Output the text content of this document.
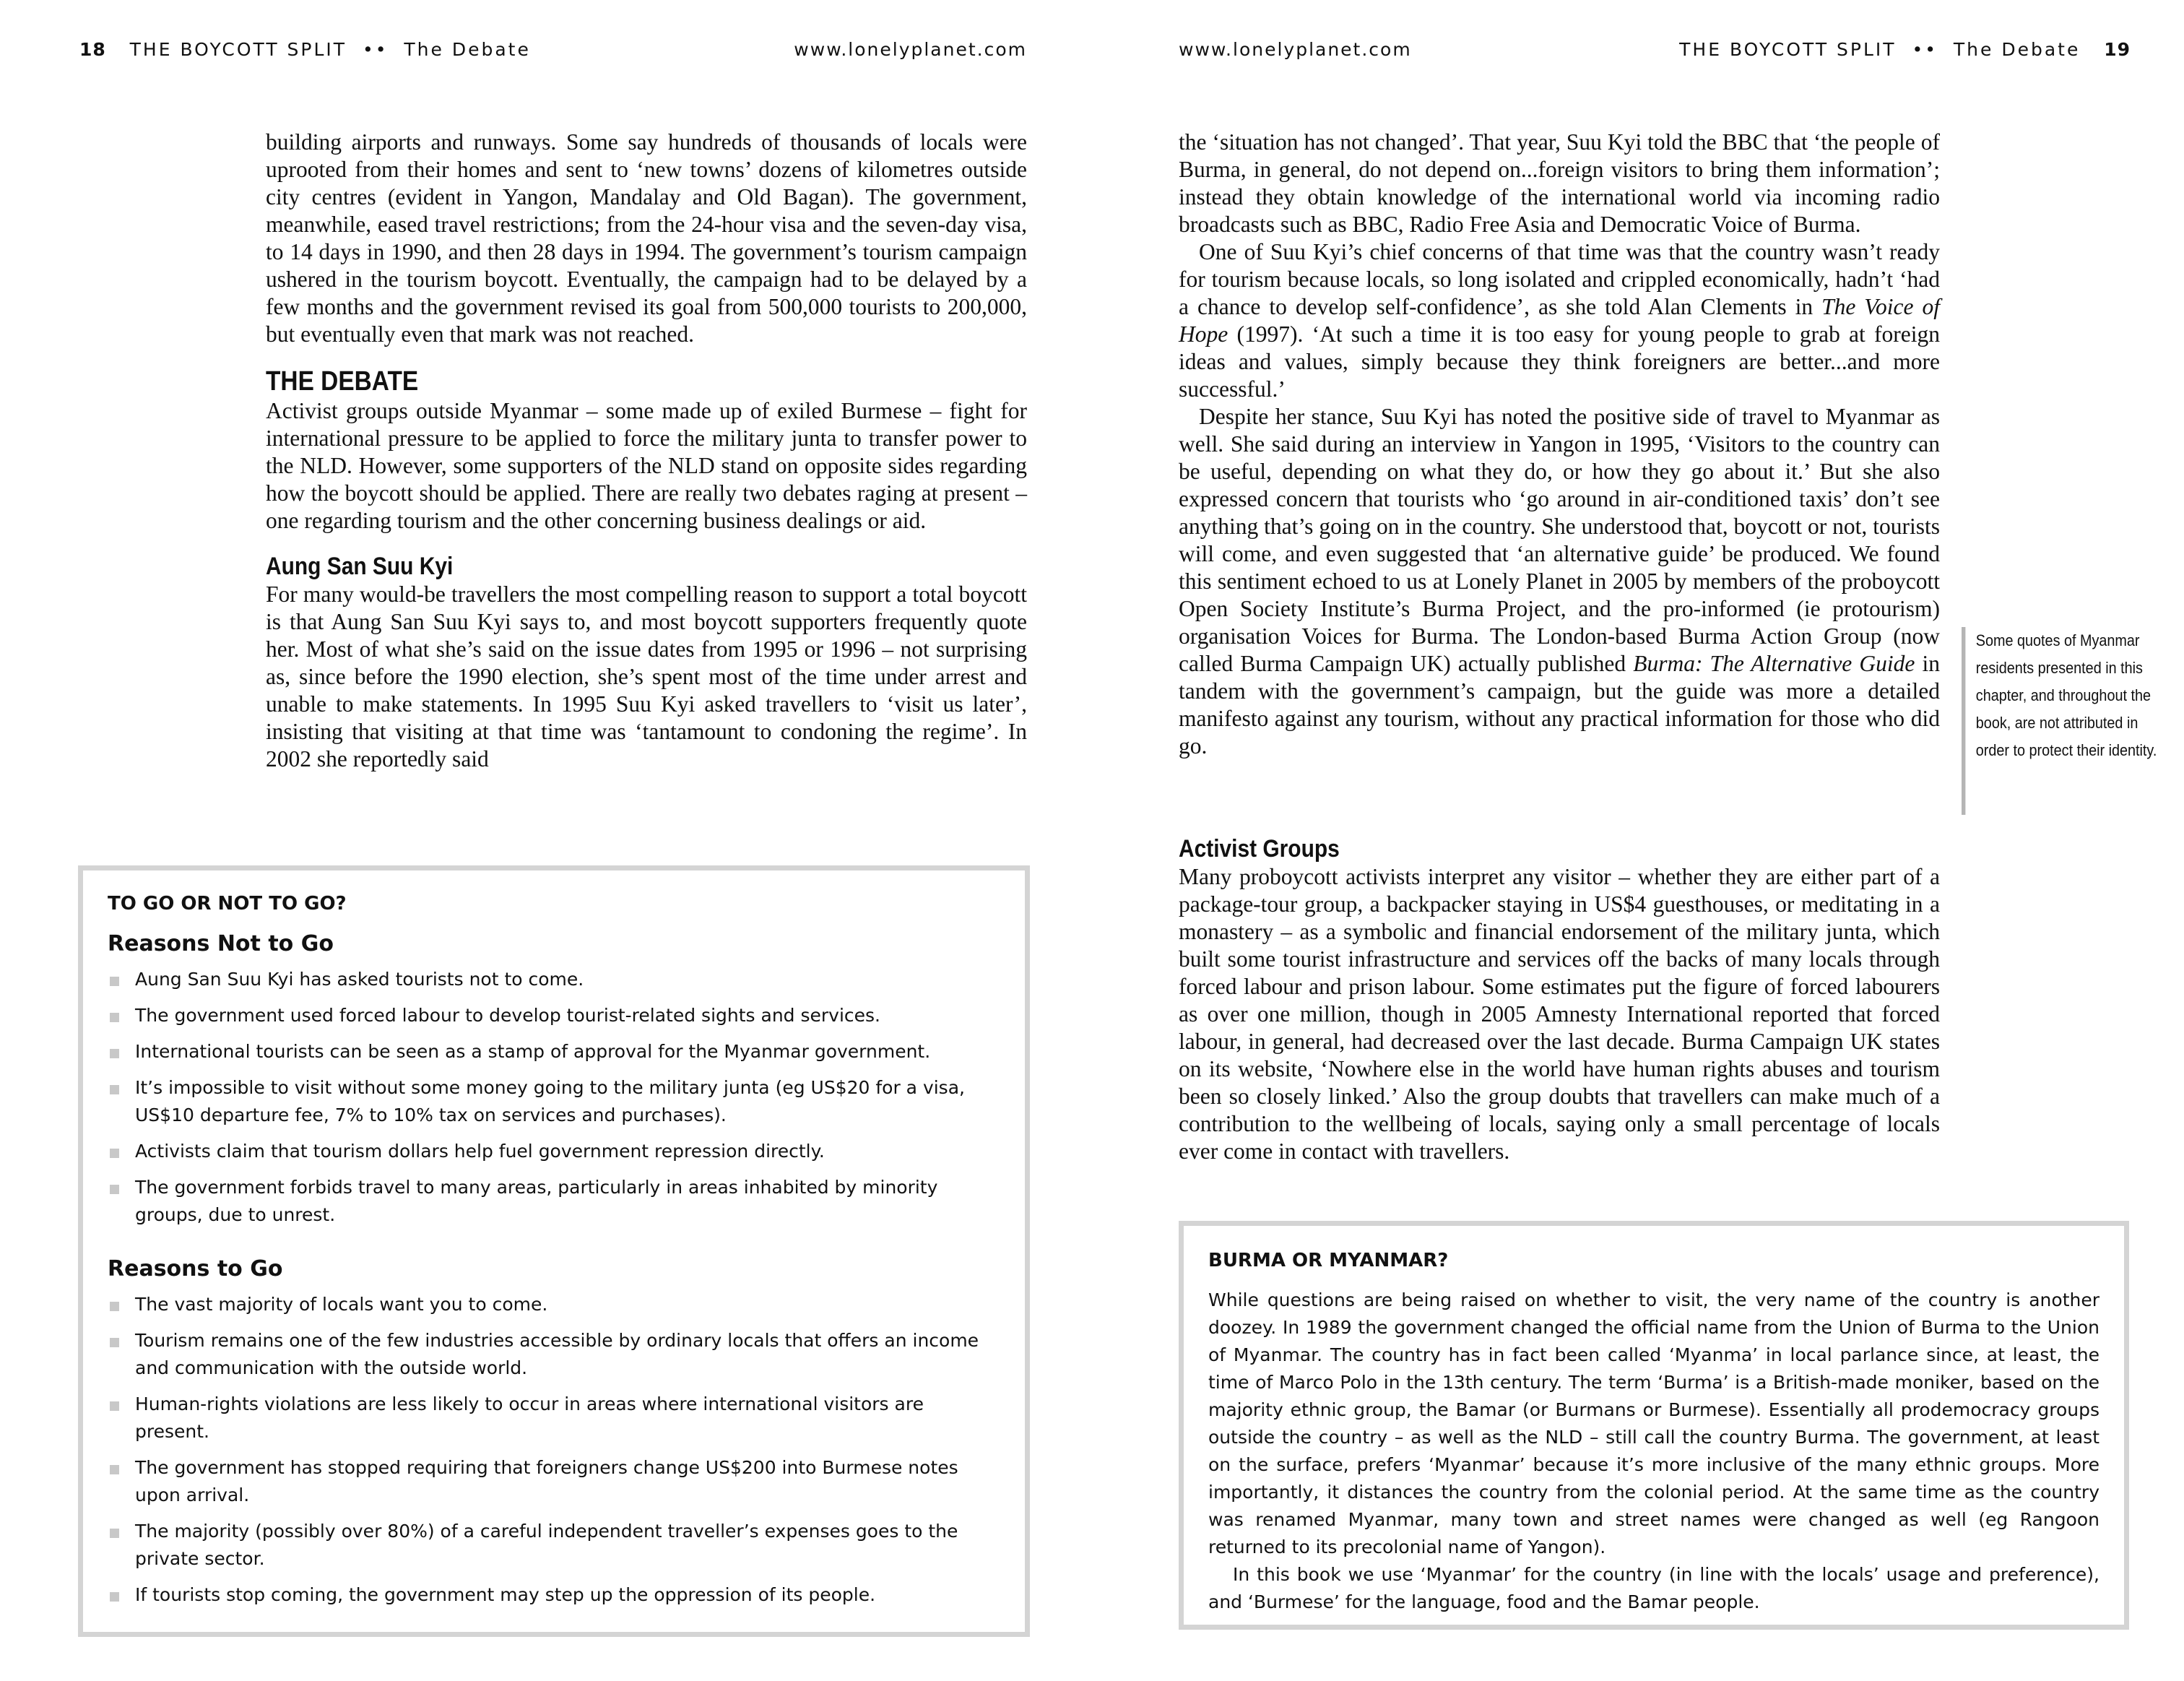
18 THE BOYCOTT SPLIT •• The Debate	www.lonelyplanet.com	www.lonelyplanet.com	THE BOYCOTT SPLIT •• The Debate 19

building airports and runways. Some say hundreds of thousands of locals were uprooted from their homes and sent to ‘new towns’ dozens of kilometres outside city centres (evident in Yangon, Mandalay and Old Bagan). The government, meanwhile, eased travel restrictions; from the 24-hour visa and the seven-day visa, to 14 days in 1990, and then 28 days in 1994. The government’s tourism campaign ushered in the tourism boycott. Eventually, the campaign had to be delayed by a few months and the government revised its goal from 500,000 tourists to 200,000, but eventually even that mark was not reached.

THE DEBATE

Activist groups outside Myanmar – some made up of exiled Burmese – fight for international pressure to be applied to force the military junta to transfer power to the NLD. However, some supporters of the NLD stand on opposite sides regarding how the boycott should be applied. There are really two debates raging at present – one regarding tourism and the other concerning business dealings or aid.

Aung San Suu Kyi

For many would-be travellers the most compelling reason to support a total boycott is that Aung San Suu Kyi says to, and most boycott supporters frequently quote her. Most of what she’s said on the issue dates from 1995 or 1996 – not surprising as, since before the 1990 election, she’s spent most of the time under arrest and unable to make statements. In 1995 Suu Kyi asked travellers to ‘visit us later’, insisting that visiting at that time was ‘tantamount to condoning the regime’. In 2002 she reportedly said

the ‘situation has not changed’. That year, Suu Kyi told the BBC that ‘the people of Burma, in general, do not depend on...foreign visitors to bring them information’; instead they obtain knowledge of the international world via incoming radio broadcasts such as BBC, Radio Free Asia and Democratic Voice of Burma.

One of Suu Kyi’s chief concerns of that time was that the country wasn’t ready for tourism because locals, so long isolated and crippled economically, hadn’t ‘had a chance to develop self-confidence’, as she told Alan Clements in The Voice of Hope (1997). ‘At such a time it is too easy for young people to grab at foreign ideas and values, simply because they think foreigners are better...and more successful.’

Despite her stance, Suu Kyi has noted the positive side of travel to Myanmar as well. She said during an interview in Yangon in 1995, ‘Visitors to the country can be useful, depending on what they do, or how they go about it.’ But she also expressed concern that tourists who ‘go around in air-conditioned taxis’ don’t see anything that’s going on in the country. She understood that, boycott or not, tourists will come, and even suggested that ‘an alternative guide’ be produced. We found this sentiment echoed to us at Lonely Planet in 2005 by members of the proboycott Open Society Institute’s Burma Project, and the pro-informed (ie protourism) organisation Voices for Burma. The London-based Burma Action Group (now called Burma Campaign UK) actually published Burma: The Alternative Guide in tandem with the government’s campaign, but the guide was more a detailed manifesto against any tourism, without any practical information for those who did go.

Activist Groups

Many proboycott activists interpret any visitor – whether they are either part of a package-tour group, a backpacker staying in US$4 guesthouses, or meditating in a monastery – as a symbolic and financial endorsement of the military junta, which built some tourist infrastructure and services off the backs of many locals through forced labour and prison labour. Some estimates put the figure of forced labourers as over one million, though in 2005 Amnesty International reported that forced labour, in general, had decreased over the last decade. Burma Campaign UK states on its website, ‘Nowhere else in the world have human rights abuses and tourism been so closely linked.’ Also the group doubts that travellers can make much of a contribution to the wellbeing of locals, saying only a small percentage of locals ever come in contact with travellers.

Some quotes of Myanmar residents presented in this chapter, and throughout the book, are not attributed in order to protect their identity.
TO GO OR NOT TO GO?
Reasons Not to Go
Aung San Suu Kyi has asked tourists not to come.
The government used forced labour to develop tourist-related sights and services.
International tourists can be seen as a stamp of approval for the Myanmar government.
It’s impossible to visit without some money going to the military junta (eg US$20 for a visa, US$10 departure fee, 7% to 10% tax on services and purchases).
Activists claim that tourism dollars help fuel government repression directly.
The government forbids travel to many areas, particularly in areas inhabited by minority groups, due to unrest.
Reasons to Go
The vast majority of locals want you to come.
Tourism remains one of the few industries accessible by ordinary locals that offers an income and communication with the outside world.
Human-rights violations are less likely to occur in areas where international visitors are present.
The government has stopped requiring that foreigners change US$200 into Burmese notes upon arrival.
The majority (possibly over 80%) of a careful independent traveller’s expenses goes to the private sector.
If tourists stop coming, the government may step up the oppression of its people.
BURMA OR MYANMAR?

While questions are being raised on whether to visit, the very name of the country is another doozey. In 1989 the government changed the official name from the Union of Burma to the Union of Myanmar. The country has in fact been called ‘Myanma’ in local parlance since, at least, the time of Marco Polo in the 13th century. The term ‘Burma’ is a British-made moniker, based on the majority ethnic group, the Bamar (or Burmans or Burmese). Essentially all prodemocracy groups outside the country – as well as the NLD – still call the country Burma. The government, at least on the surface, prefers ‘Myanmar’ because it’s more inclusive of the many ethnic groups. More importantly, it distances the country from the colonial period. At the same time as the country was renamed Myanmar, many town and street names were changed as well (eg Rangoon returned to its precolonial name of Yangon).

In this book we use ‘Myanmar’ for the country (in line with the locals’ usage and preference), and ‘Burmese’ for the language, food and the Bamar people.
